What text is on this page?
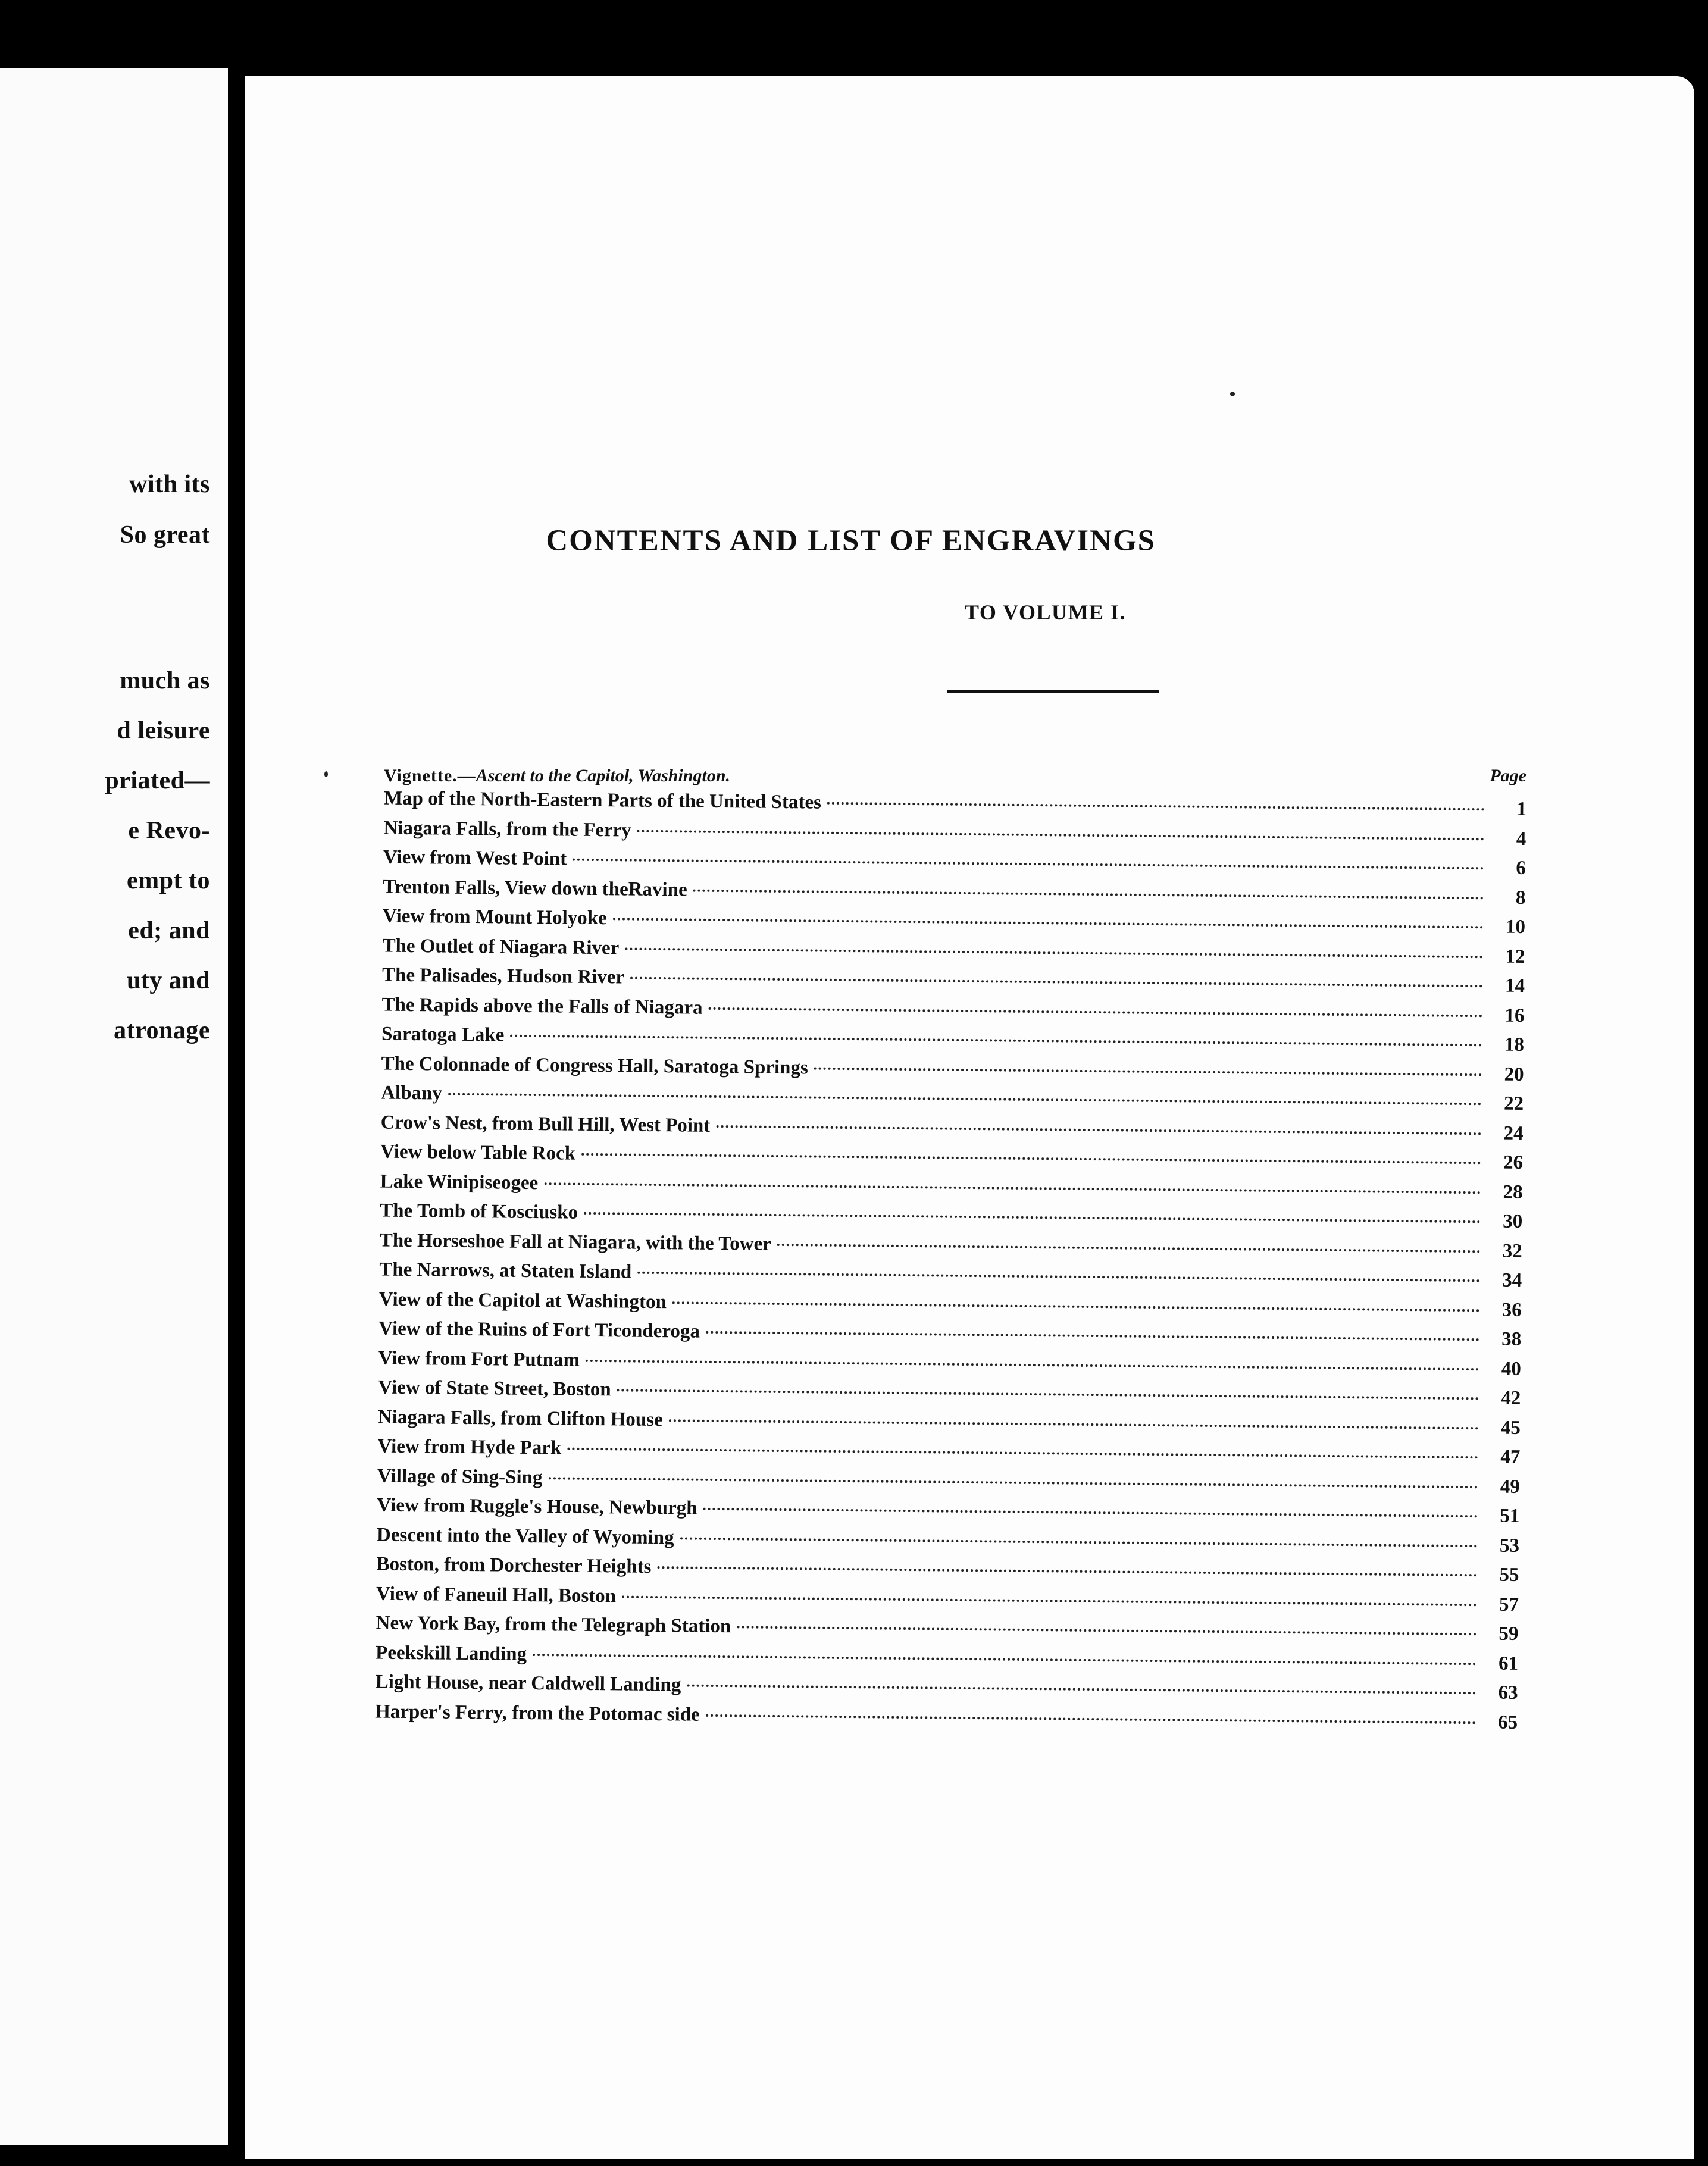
with its
So great
much as
d leisure
priated—
e Revo-
empt to
ed; and
uty and
atronage
CONTENTS AND LIST OF ENGRAVINGS
TO VOLUME I.
Vignette.—Ascent to the Capitol, Washington.	Page
Map of the North-Eastern Parts of the United States	1
Niagara Falls, from the Ferry	4
View from West Point	6
Trenton Falls, View down theRavine	8
View from Mount Holyoke	10
The Outlet of Niagara River	12
The Palisades, Hudson River	14
The Rapids above the Falls of Niagara	16
Saratoga Lake	18
The Colonnade of Congress Hall, Saratoga Springs	20
Albany	22
Crow's Nest, from Bull Hill, West Point	24
View below Table Rock	26
Lake Winipiseogee	28
The Tomb of Kosciusko	30
The Horseshoe Fall at Niagara, with the Tower	32
The Narrows, at Staten Island	34
View of the Capitol at Washington	36
View of the Ruins of Fort Ticonderoga	38
View from Fort Putnam	40
View of State Street, Boston	42
Niagara Falls, from Clifton House	45
View from Hyde Park	47
Village of Sing-Sing	49
View from Ruggle's House, Newburgh	51
Descent into the Valley of Wyoming	53
Boston, from Dorchester Heights	55
View of Faneuil Hall, Boston	57
New York Bay, from the Telegraph Station	59
Peekskill Landing	61
Light House, near Caldwell Landing	63
Harper's Ferry, from the Potomac side	65
